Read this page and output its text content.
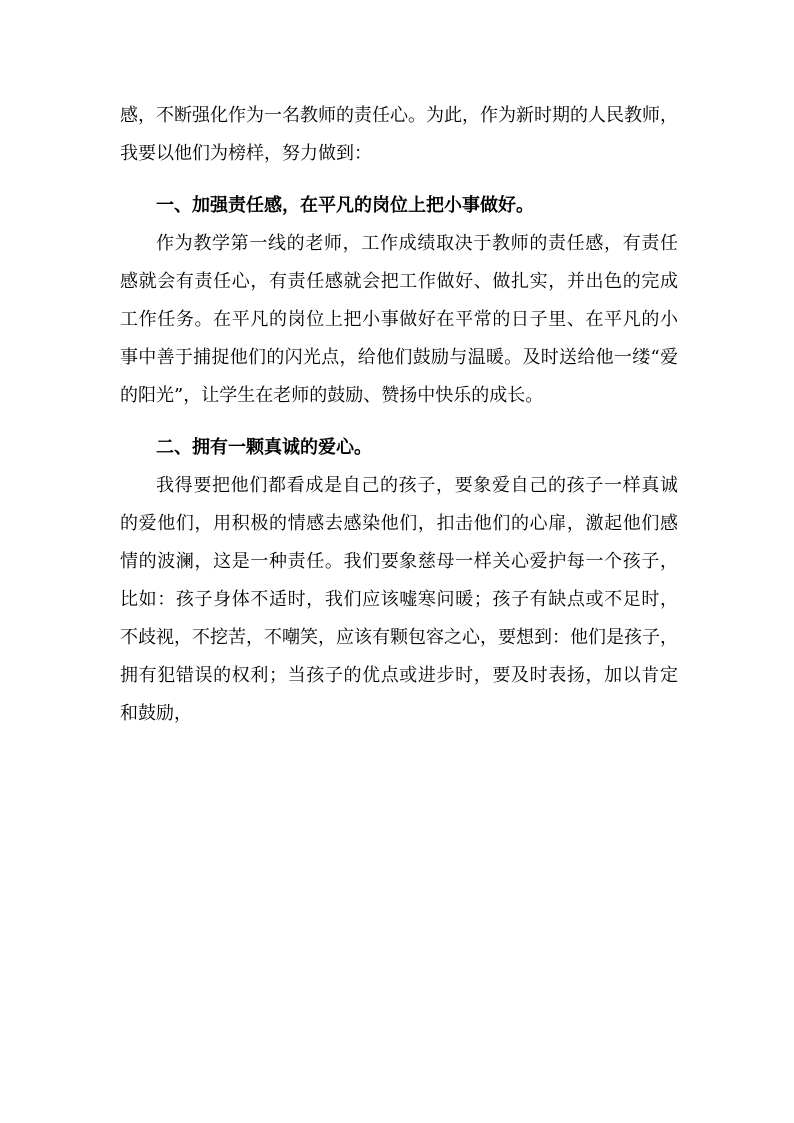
感，不断强化作为一名教师的责任心。为此，作为新时期的人民教师，
我要以他们为榜样，努力做到：
一、加强责任感，在平凡的岗位上把小事做好。
作为教学第一线的老师，工作成绩取决于教师的责任感，有责任
感就会有责任心，有责任感就会把工作做好、做扎实，并出色的完成
工作任务。在平凡的岗位上把小事做好在平常的日子里、在平凡的小
事中善于捕捉他们的闪光点，给他们鼓励与温暖。及时送给他一缕“爱
的阳光”，让学生在老师的鼓励、赞扬中快乐的成长。
二、拥有一颗真诚的爱心。
我得要把他们都看成是自己的孩子，要象爱自己的孩子一样真诚
的爱他们，用积极的情感去感染他们，扣击他们的心扉，激起他们感
情的波澜，这是一种责任。我们要象慈母一样关心爱护每一个孩子，
比如：孩子身体不适时，我们应该嘘寒问暖；孩子有缺点或不足时，
不歧视，不挖苦，不嘲笑，应该有颗包容之心，要想到：他们是孩子，
拥有犯错误的权利；当孩子的优点或进步时，要及时表扬，加以肯定
和鼓励，
